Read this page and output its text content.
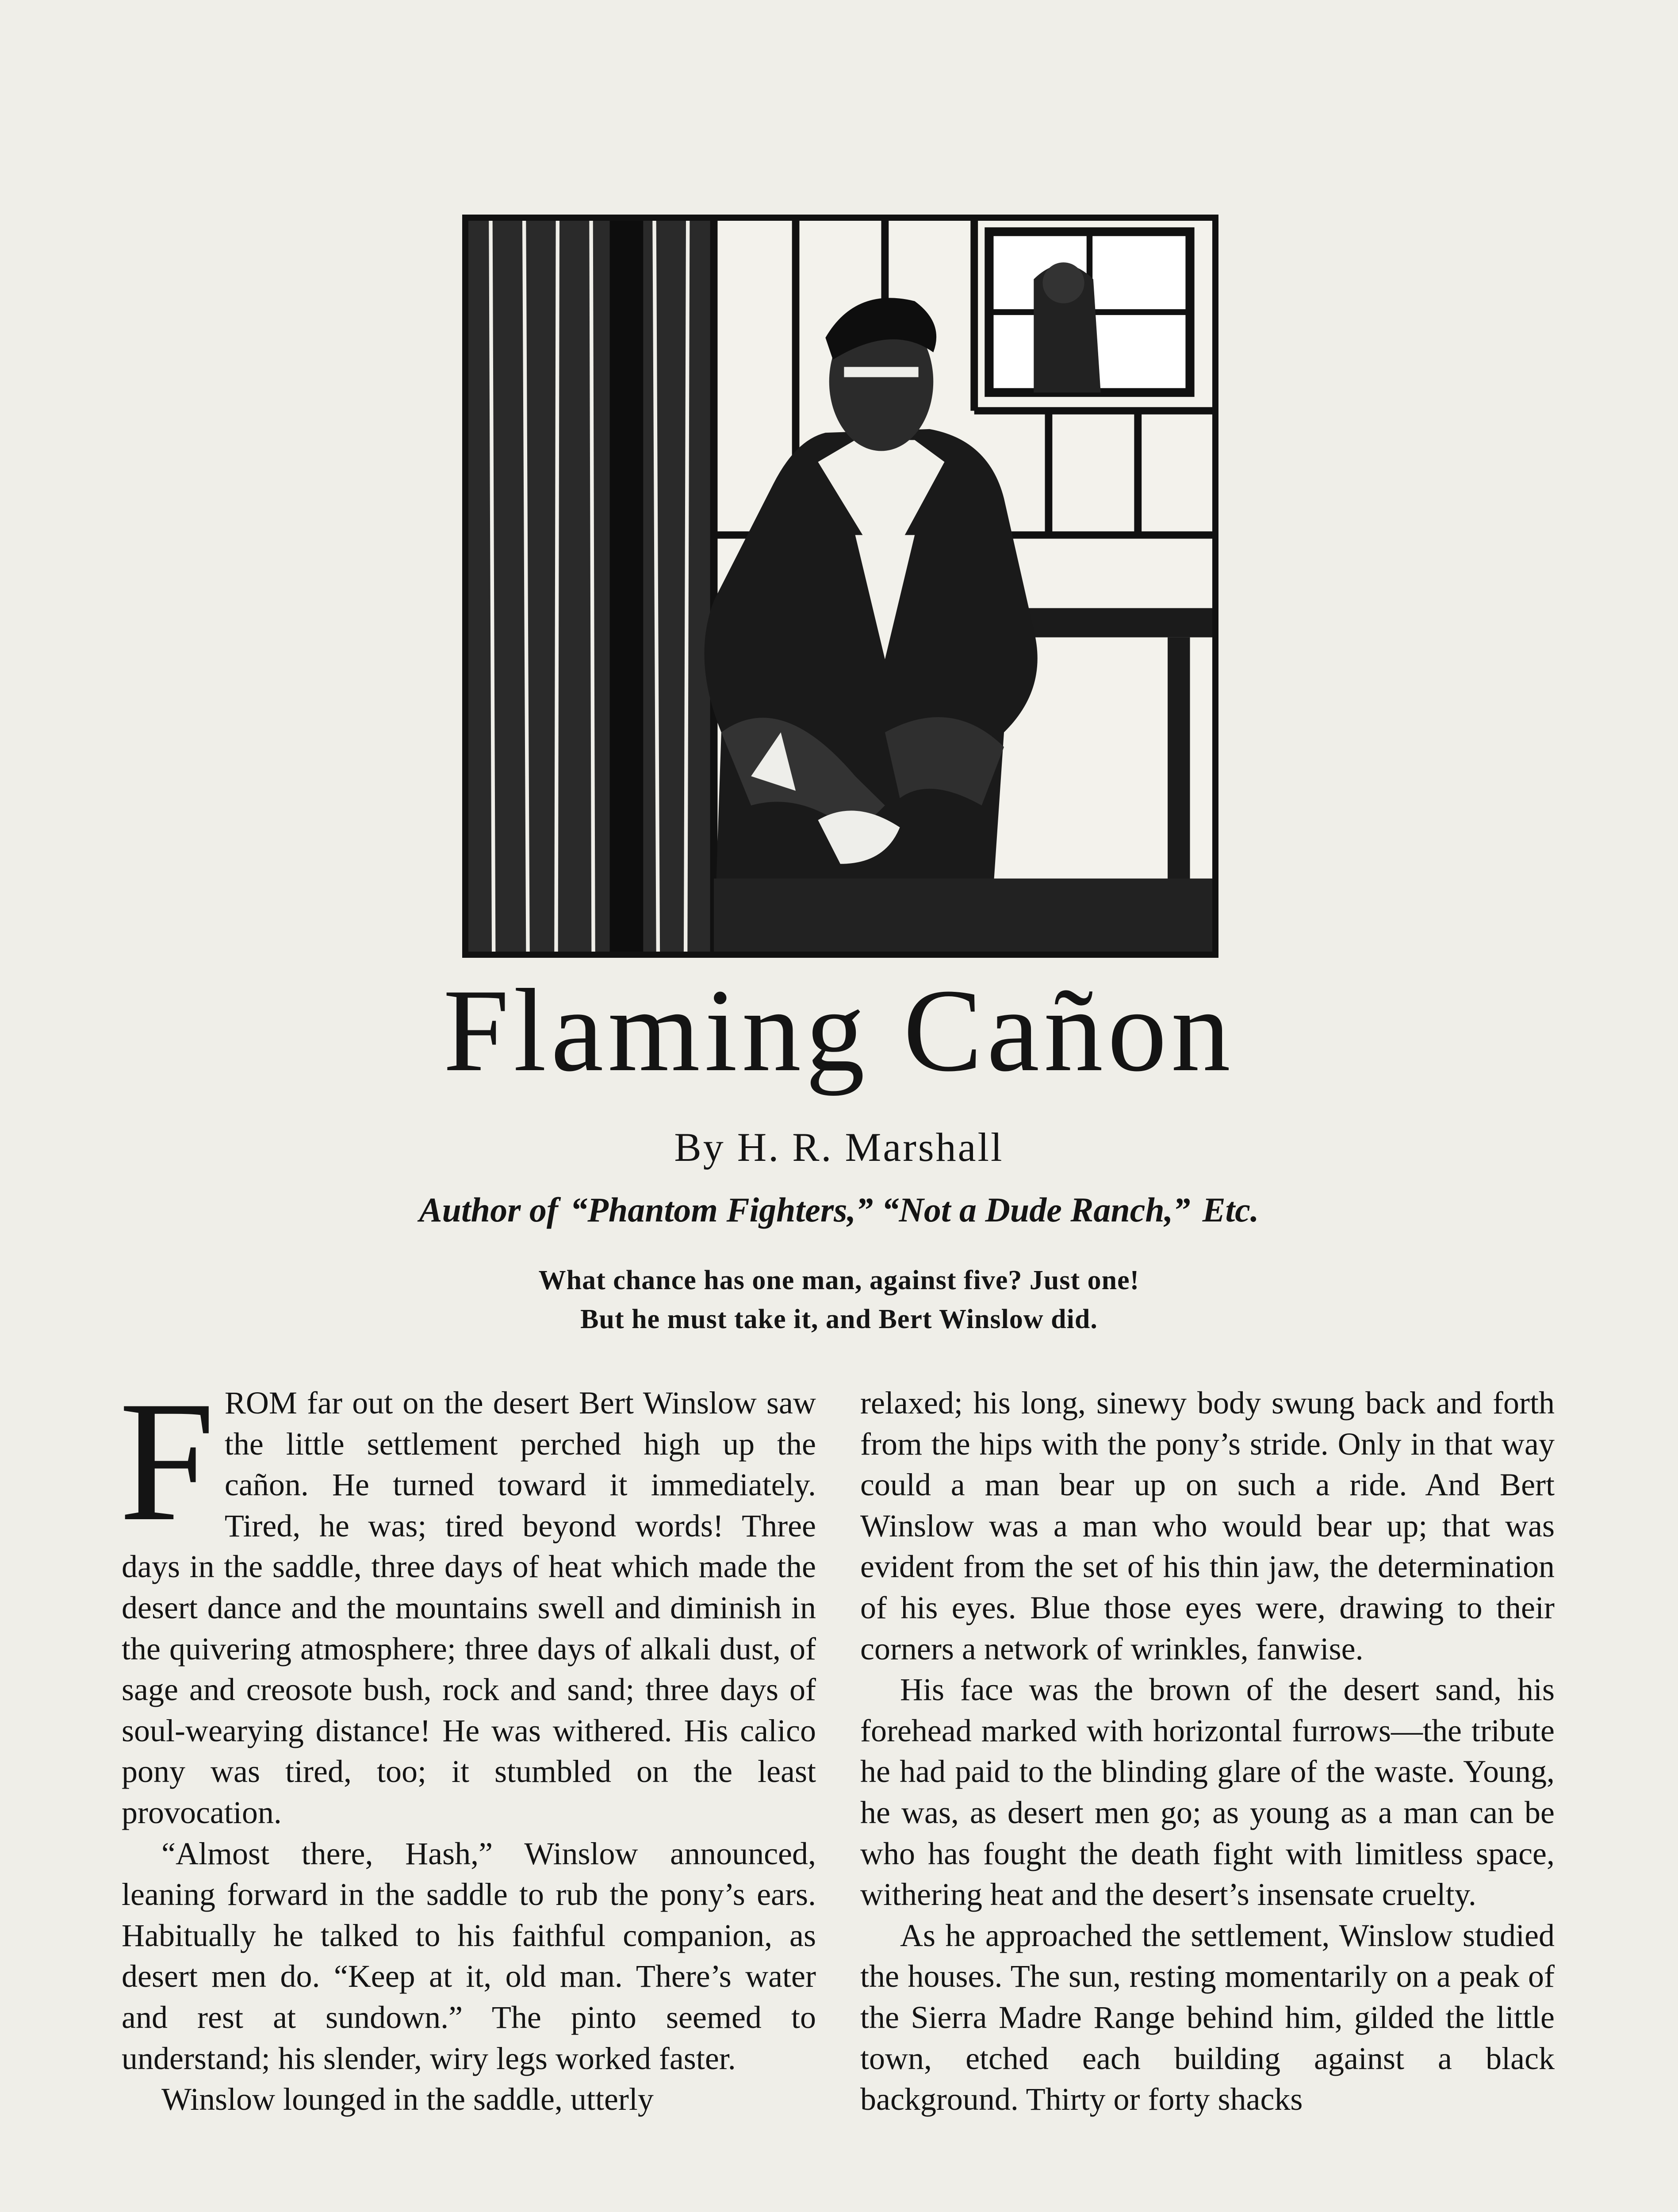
Flaming Cañon
By H. R. Marshall
Author of “Phantom Fighters,” “Not a Dude Ranch,” Etc.
What chance has one man, against five? Just one!
But he must take it, and Bert Winslow did.

FROM far out on the desert Bert Winslow saw the little settlement perched high up the cañon. He turned toward it immediately. Tired, he was; tired beyond words! Three days in the saddle, three days of heat which made the desert dance and the mountains swell and diminish in the quivering atmosphere; three days of alkali dust, of sage and creosote bush, rock and sand; three days of soul-wearying distance! He was withered. His calico pony was tired, too; it stumbled on the least provocation.

“Almost there, Hash,” Winslow announced, leaning forward in the saddle to rub the pony’s ears. Habitually he talked to his faithful companion, as desert men do. “Keep at it, old man. There’s water and rest at sundown.” The pinto seemed to understand; his slender, wiry legs worked faster.

Winslow lounged in the saddle, utterly

relaxed; his long, sinewy body swung back and forth from the hips with the pony’s stride. Only in that way could a man bear up on such a ride. And Bert Winslow was a man who would bear up; that was evident from the set of his thin jaw, the determination of his eyes. Blue those eyes were, drawing to their corners a network of wrinkles, fanwise.

His face was the brown of the desert sand, his forehead marked with horizontal furrows—the tribute he had paid to the blinding glare of the waste. Young, he was, as desert men go; as young as a man can be who has fought the death fight with limitless space, withering heat and the desert’s insensate cruelty.

As he approached the settlement, Winslow studied the houses. The sun, resting momentarily on a peak of the Sierra Madre Range behind him, gilded the little town, etched each building against a black background. Thirty or forty shacks
